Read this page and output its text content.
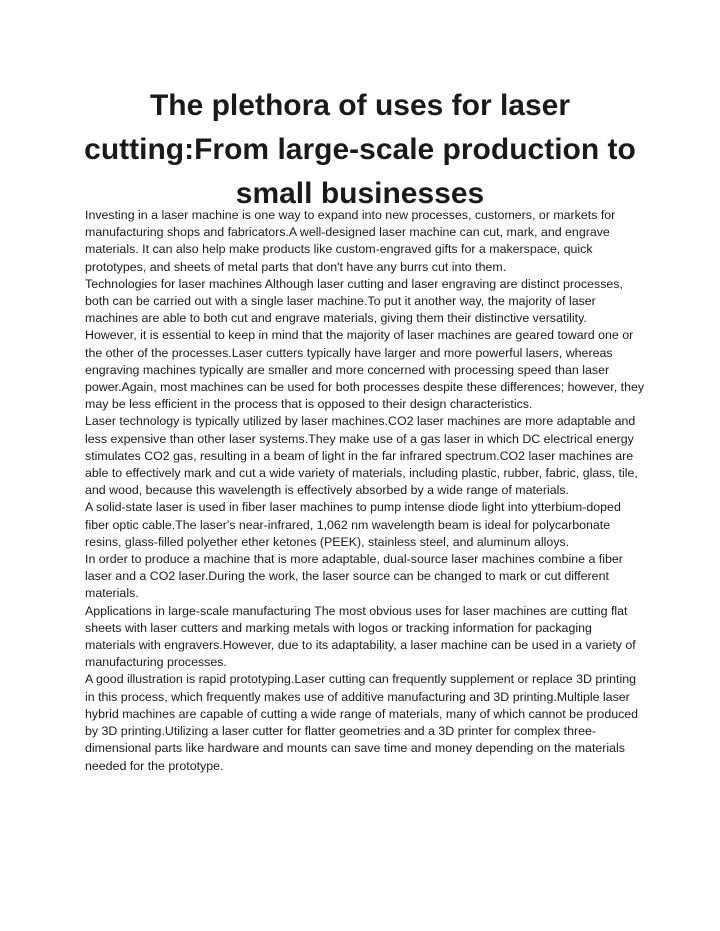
The plethora of uses for laser cutting:From large-scale production to small businesses

Investing in a laser machine is one way to expand into new processes, customers, or markets for manufacturing shops and fabricators.A well-designed laser machine can cut, mark, and engrave materials. It can also help make products like custom-engraved gifts for a makerspace, quick prototypes, and sheets of metal parts that don't have any burrs cut into them.

Technologies for laser machines Although laser cutting and laser engraving are distinct processes, both can be carried out with a single laser machine.To put it another way, the majority of laser machines are able to both cut and engrave materials, giving them their distinctive versatility.

However, it is essential to keep in mind that the majority of laser machines are geared toward one or the other of the processes.Laser cutters typically have larger and more powerful lasers, whereas engraving machines typically are smaller and more concerned with processing speed than laser power.Again, most machines can be used for both processes despite these differences; however, they may be less efficient in the process that is opposed to their design characteristics.

Laser technology is typically utilized by laser machines.CO2 laser machines are more adaptable and less expensive than other laser systems.They make use of a gas laser in which DC electrical energy stimulates CO2 gas, resulting in a beam of light in the far infrared spectrum.CO2 laser machines are able to effectively mark and cut a wide variety of materials, including plastic, rubber, fabric, glass, tile, and wood, because this wavelength is effectively absorbed by a wide range of materials.

A solid-state laser is used in fiber laser machines to pump intense diode light into ytterbium-doped fiber optic cable.The laser's near-infrared, 1,062 nm wavelength beam is ideal for polycarbonate resins, glass-filled polyether ether ketones (PEEK), stainless steel, and aluminum alloys.

In order to produce a machine that is more adaptable, dual-source laser machines combine a fiber laser and a CO2 laser.During the work, the laser source can be changed to mark or cut different materials.

Applications in large-scale manufacturing The most obvious uses for laser machines are cutting flat sheets with laser cutters and marking metals with logos or tracking information for packaging materials with engravers.However, due to its adaptability, a laser machine can be used in a variety of manufacturing processes.

A good illustration is rapid prototyping.Laser cutting can frequently supplement or replace 3D printing in this process, which frequently makes use of additive manufacturing and 3D printing.Multiple laser hybrid machines are capable of cutting a wide range of materials, many of which cannot be produced by 3D printing.Utilizing a laser cutter for flatter geometries and a 3D printer for complex three-dimensional parts like hardware and mounts can save time and money depending on the materials needed for the prototype.
